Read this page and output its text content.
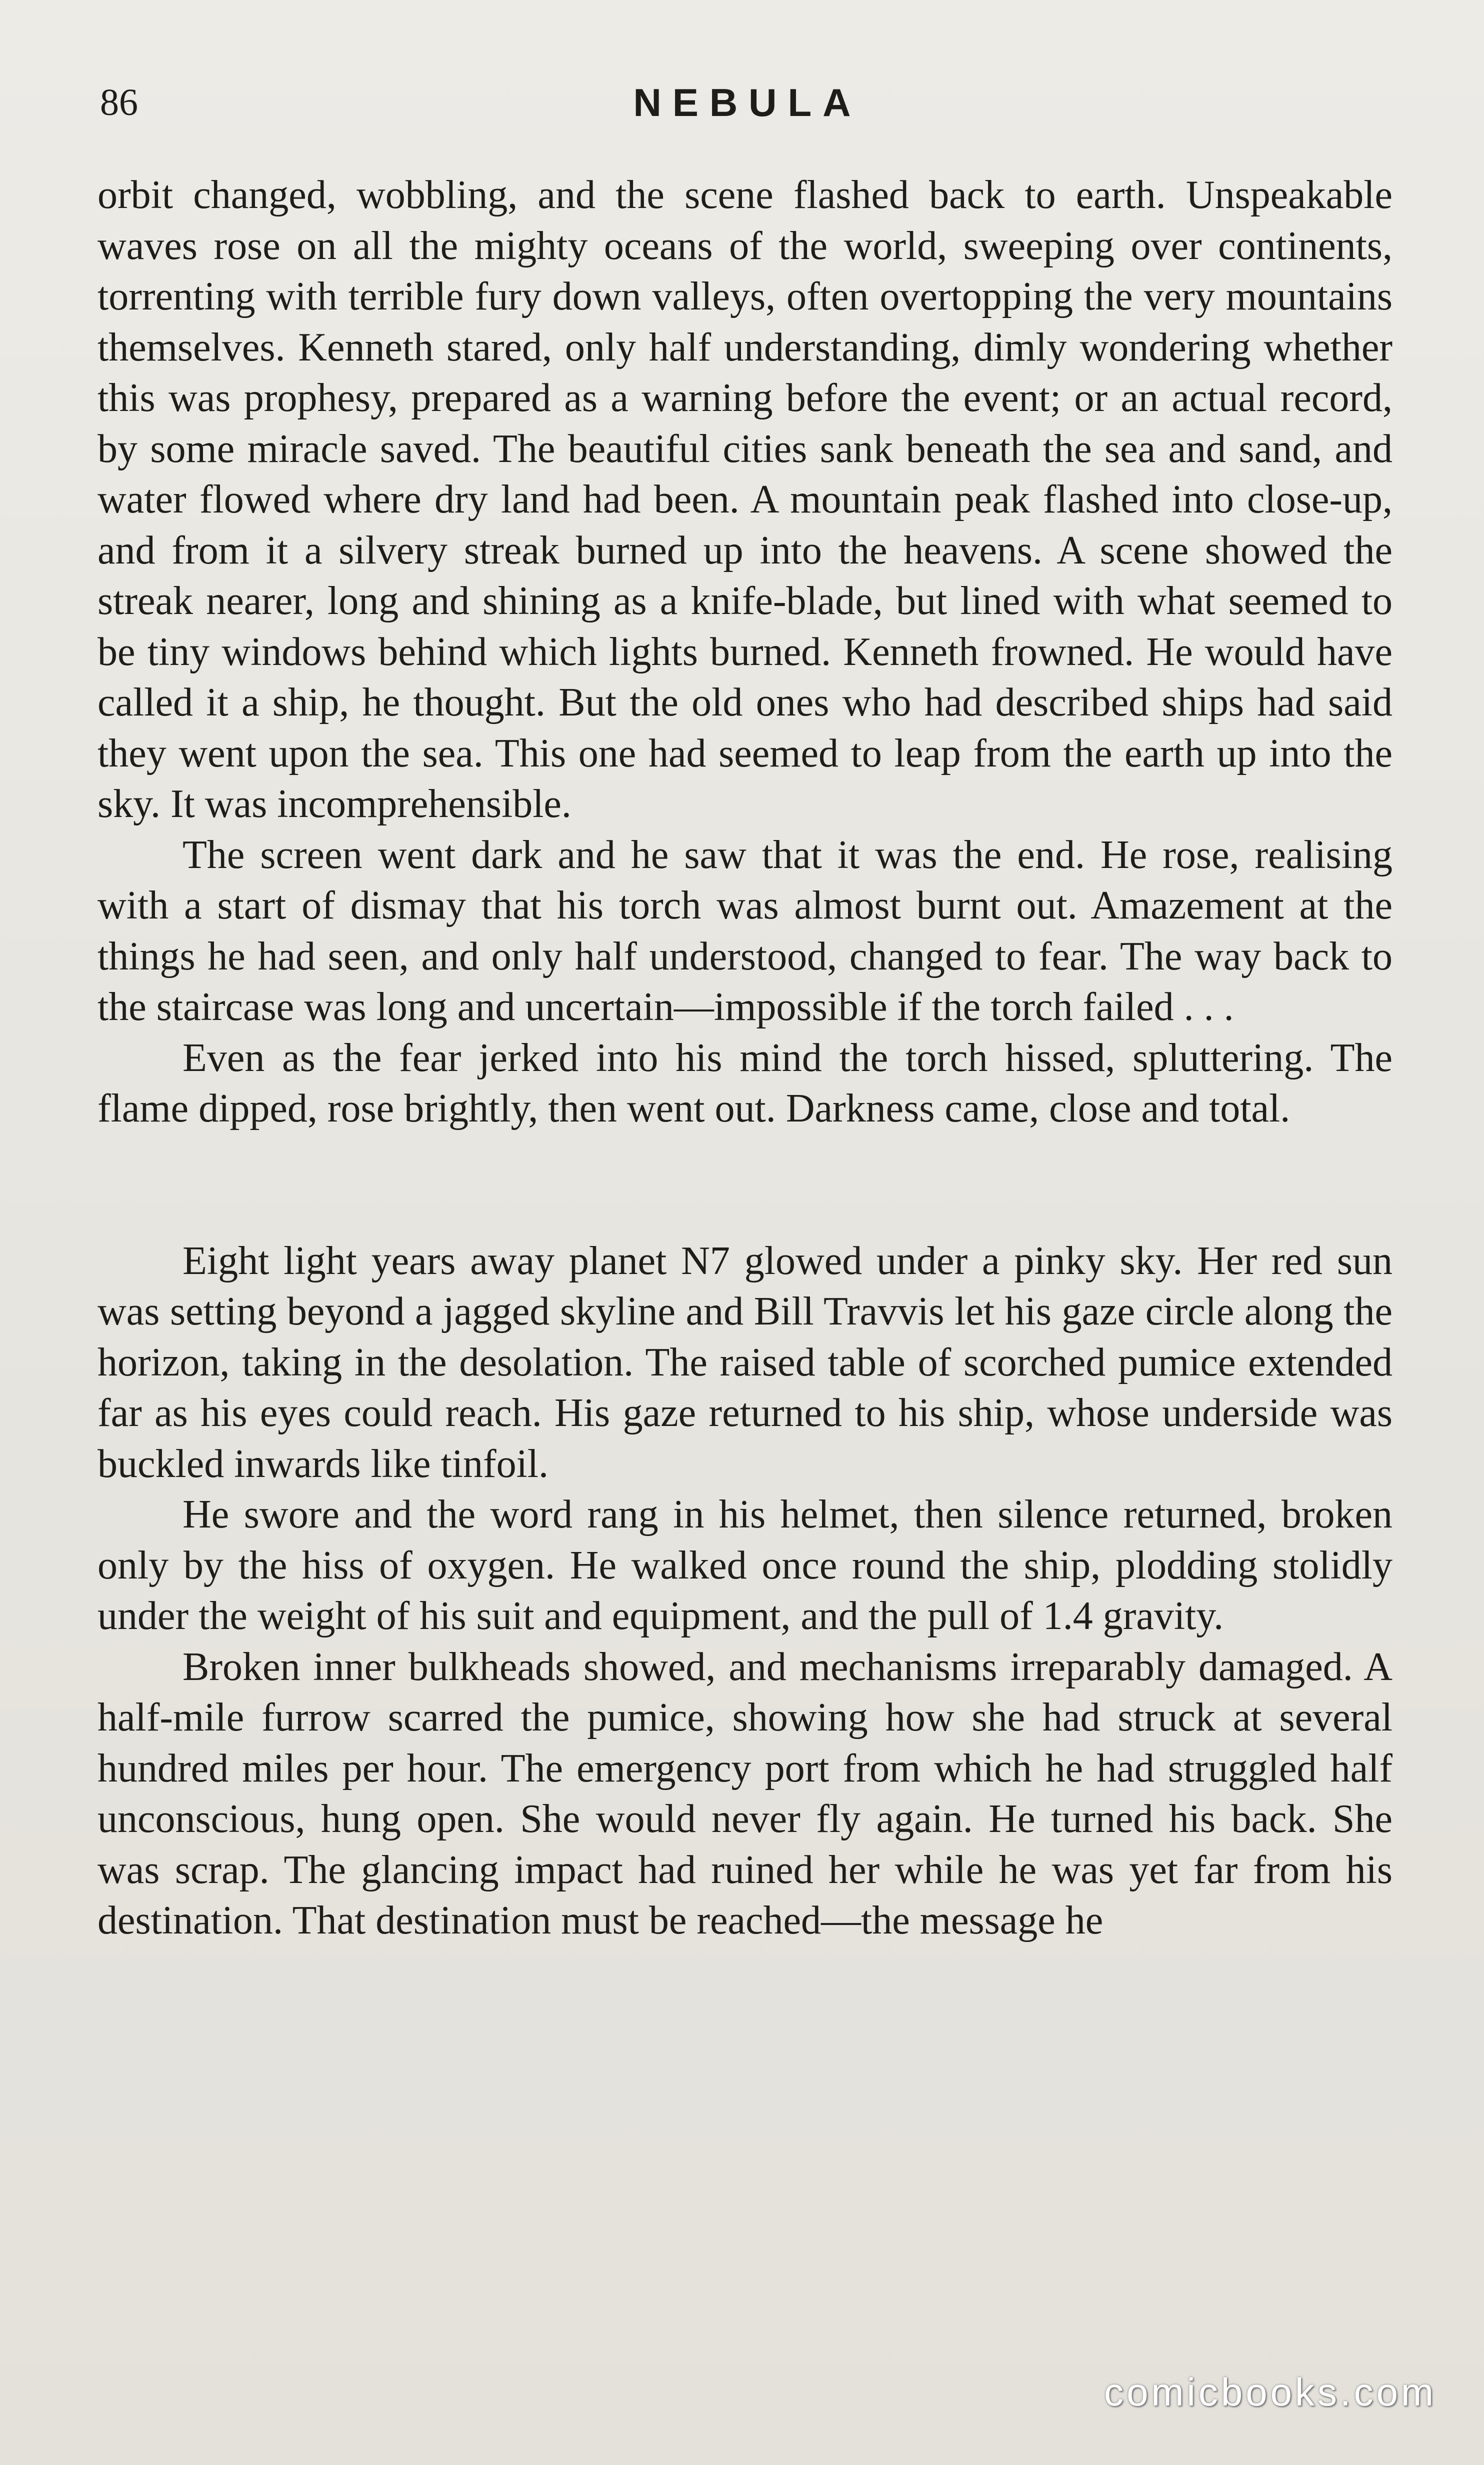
86	NEBULA

orbit changed, wobbling, and the scene flashed back to earth. Unspeakable waves rose on all the mighty oceans of the world, sweeping over continents, torrenting with terrible fury down valleys, often overtopping the very mountains themselves. Kenneth stared, only half understanding, dimly wondering whether this was prophesy, prepared as a warning before the event; or an actual record, by some miracle saved. The beautiful cities sank beneath the sea and sand, and water flowed where dry land had been. A mountain peak flashed into close-up, and from it a silvery streak burned up into the heavens. A scene showed the streak nearer, long and shining as a knife-blade, but lined with what seemed to be tiny windows behind which lights burned. Kenneth frowned. He would have called it a ship, he thought. But the old ones who had described ships had said they went upon the sea. This one had seemed to leap from the earth up into the sky. It was incomprehensible.

The screen went dark and he saw that it was the end. He rose, realising with a start of dismay that his torch was almost burnt out. Amazement at the things he had seen, and only half understood, changed to fear. The way back to the staircase was long and uncertain—impossible if the torch failed . . .

Even as the fear jerked into his mind the torch hissed, spluttering. The flame dipped, rose brightly, then went out. Darkness came, close and total.

Eight light years away planet N7 glowed under a pinky sky. Her red sun was setting beyond a jagged skyline and Bill Travvis let his gaze circle along the horizon, taking in the desolation. The raised table of scorched pumice extended far as his eyes could reach. His gaze returned to his ship, whose underside was buckled inwards like tinfoil.

He swore and the word rang in his helmet, then silence returned, broken only by the hiss of oxygen. He walked once round the ship, plodding stolidly under the weight of his suit and equipment, and the pull of 1.4 gravity.

Broken inner bulkheads showed, and mechanisms irreparably damaged. A half-mile furrow scarred the pumice, showing how she had struck at several hundred miles per hour. The emergency port from which he had struggled half unconscious, hung open. She would never fly again. He turned his back. She was scrap. The glancing impact had ruined her while he was yet far from his destination. That destination must be reached—the message he

comicbooks.com
